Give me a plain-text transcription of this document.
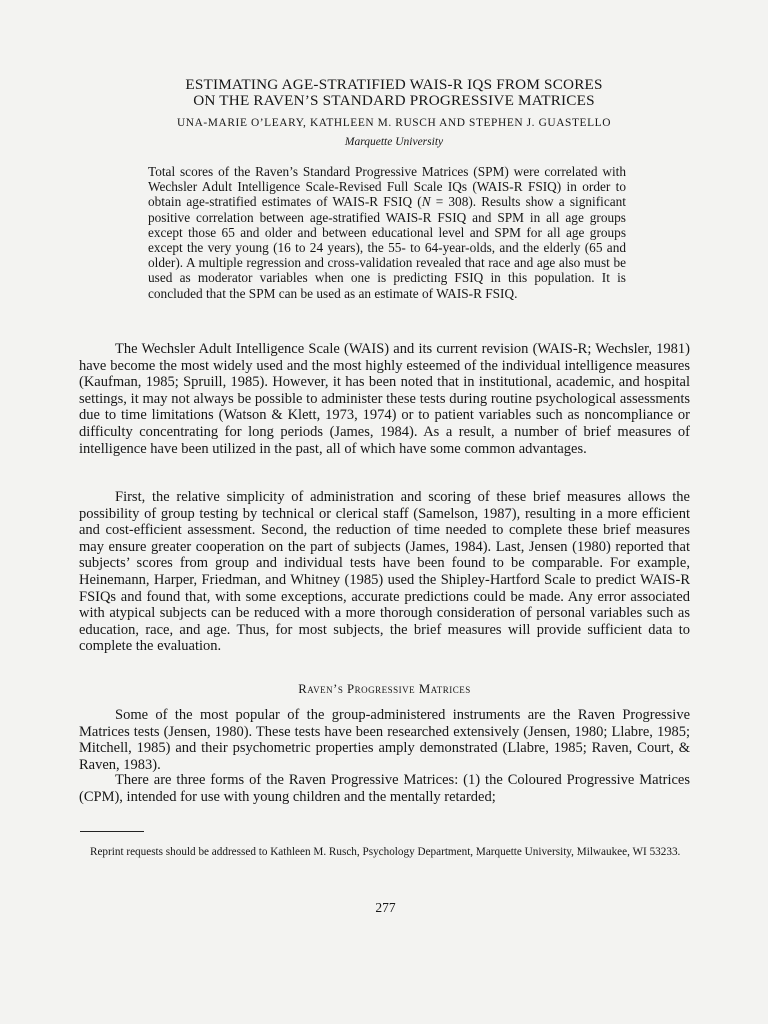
ESTIMATING AGE-STRATIFIED WAIS-R IQS FROM SCORES
ON THE RAVEN’S STANDARD PROGRESSIVE MATRICES
UNA-MARIE O’LEARY, KATHLEEN M. RUSCH AND STEPHEN J. GUASTELLO
Marquette University

Total scores of the Raven’s Standard Progressive Matrices (SPM) were correlated with Wechsler Adult Intelligence Scale-Revised Full Scale IQs (WAIS-R FSIQ) in order to obtain age-stratified estimates of WAIS-R FSIQ (N = 308). Results show a significant positive correlation between age-stratified WAIS-R FSIQ and SPM in all age groups except those 65 and older and between educational level and SPM for all age groups except the very young (16 to 24 years), the 55- to 64-year-olds, and the elderly (65 and older). A multiple regression and cross-validation revealed that race and age also must be used as moderator variables when one is predicting FSIQ in this population. It is concluded that the SPM can be used as an estimate of WAIS-R FSIQ.

The Wechsler Adult Intelligence Scale (WAIS) and its current revision (WAIS-R; Wechsler, 1981) have become the most widely used and the most highly esteemed of the individual intelligence measures (Kaufman, 1985; Spruill, 1985). However, it has been noted that in institutional, academic, and hospital settings, it may not always be possible to administer these tests during routine psychological assessments due to time limitations (Watson & Klett, 1973, 1974) or to patient variables such as noncompliance or difficulty concentrating for long periods (James, 1984). As a result, a number of brief measures of intelligence have been utilized in the past, all of which have some common advantages.

First, the relative simplicity of administration and scoring of these brief measures allows the possibility of group testing by technical or clerical staff (Samelson, 1987), resulting in a more efficient and cost-efficient assessment. Second, the reduction of time needed to complete these brief measures may ensure greater cooperation on the part of subjects (James, 1984). Last, Jensen (1980) reported that subjects’ scores from group and individual tests have been found to be comparable. For example, Heinemann, Harper, Friedman, and Whitney (1985) used the Shipley-Hartford Scale to predict WAIS-R FSIQs and found that, with some exceptions, accurate predictions could be made. Any error associated with atypical subjects can be reduced with a more thorough consideration of personal variables such as education, race, and age. Thus, for most subjects, the brief measures will provide sufficient data to complete the evaluation.

Raven’s Progressive Matrices

Some of the most popular of the group-administered instruments are the Raven Progressive Matrices tests (Jensen, 1980). These tests have been researched extensively (Jensen, 1980; Llabre, 1985; Mitchell, 1985) and their psychometric properties amply demonstrated (Llabre, 1985; Raven, Court, & Raven, 1983).

There are three forms of the Raven Progressive Matrices: (1) the Coloured Progressive Matrices (CPM), intended for use with young children and the mentally retarded;

Reprint requests should be addressed to Kathleen M. Rusch, Psychology Department, Marquette University, Milwaukee, WI 53233.

277
